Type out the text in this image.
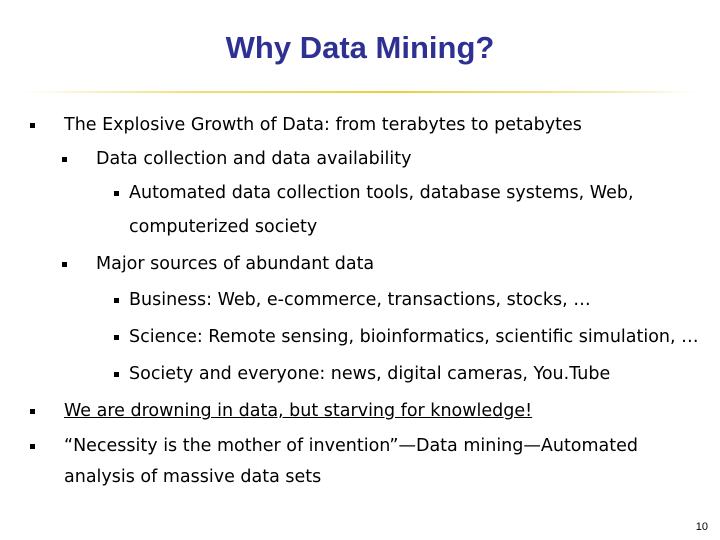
Why Data Mining?
The Explosive Growth of Data: from terabytes to petabytes
Data collection and data availability
Automated data collection tools, database systems, Web,
computerized society
Major sources of abundant data
Business: Web, e-commerce, transactions, stocks, …
Science: Remote sensing, bioinformatics, scientific simulation, …
Society and everyone: news, digital cameras, You.Tube
We are drowning in data, but starving for knowledge!
“Necessity is the mother of invention”—Data mining—Automated
analysis of massive data sets
10
